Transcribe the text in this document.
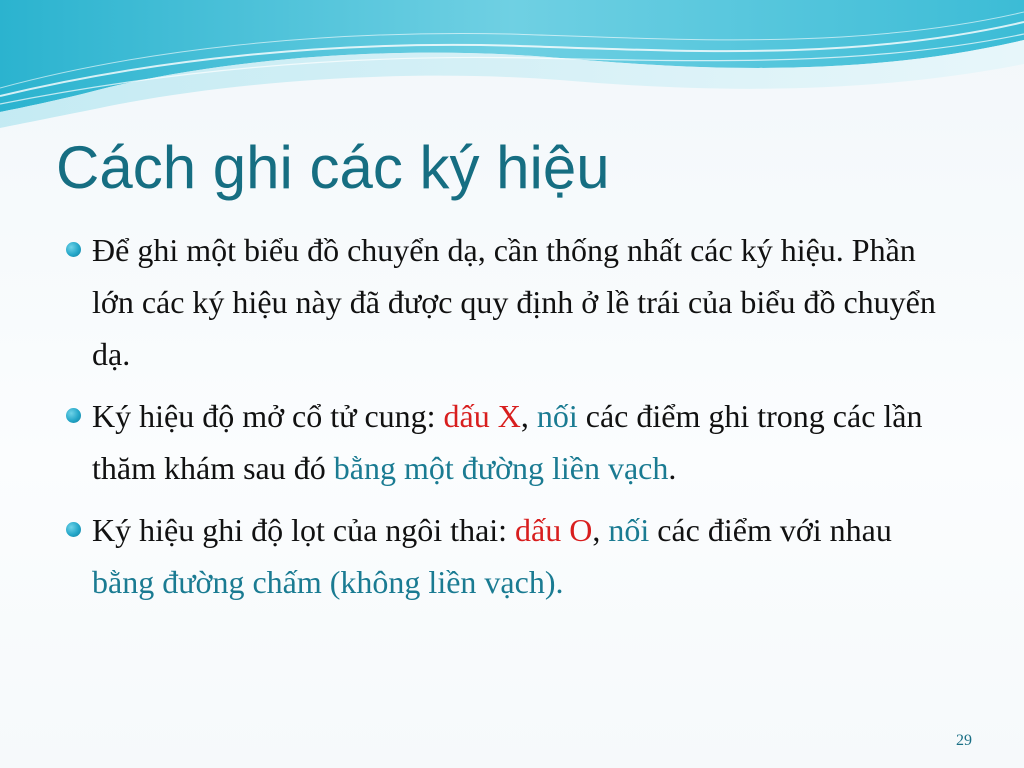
Cách ghi các ký hiệu
Để ghi một biểu đồ chuyển dạ, cần thống nhất các ký hiệu. Phần lớn các ký hiệu này đã được quy định ở lề trái của biểu đồ chuyển dạ.
Ký hiệu độ mở cổ tử cung: dấu X, nối các điểm ghi trong các lần thăm khám sau đó bằng một đường liền vạch.
Ký hiệu ghi độ lọt của ngôi thai: dấu O, nối các điểm với nhau bằng đường chấm (không liền vạch).
29
